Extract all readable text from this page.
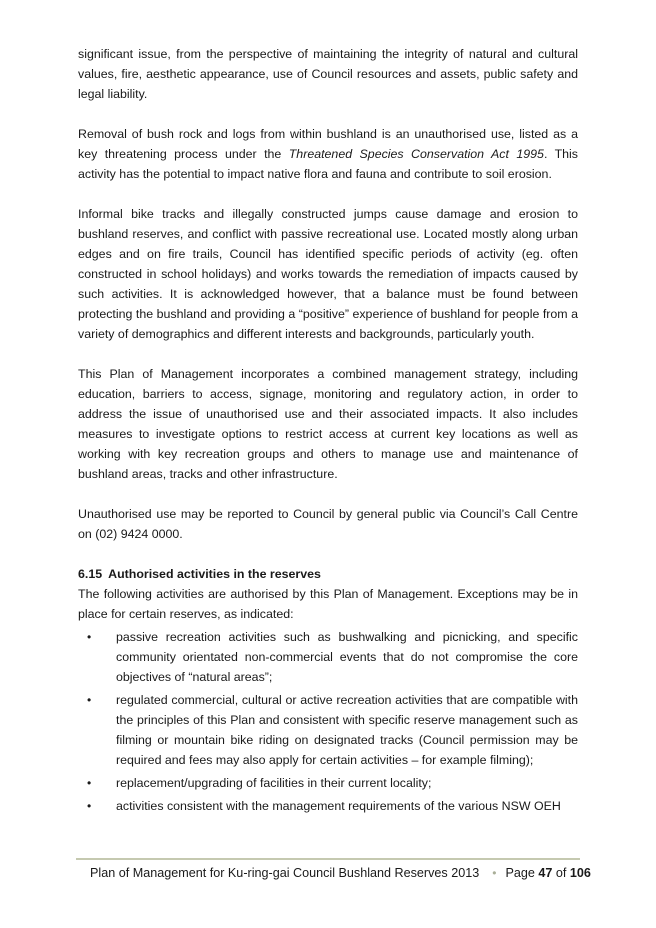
significant issue, from the perspective of maintaining the integrity of natural and cultural values, fire, aesthetic appearance, use of Council resources and assets, public safety and legal liability.

Removal of bush rock and logs from within bushland is an unauthorised use, listed as a key threatening process under the Threatened Species Conservation Act 1995. This activity has the potential to impact native flora and fauna and contribute to soil erosion.

Informal bike tracks and illegally constructed jumps cause damage and erosion to bushland reserves, and conflict with passive recreational use. Located mostly along urban edges and on fire trails, Council has identified specific periods of activity (eg. often constructed in school holidays) and works towards the remediation of impacts caused by such activities. It is acknowledged however, that a balance must be found between protecting the bushland and providing a “positive” experience of bushland for people from a variety of demographics and different interests and backgrounds, particularly youth.

This Plan of Management incorporates a combined management strategy, including education, barriers to access, signage, monitoring and regulatory action, in order to address the issue of unauthorised use and their associated impacts. It also includes measures to investigate options to restrict access at current key locations as well as working with key recreation groups and others to manage use and maintenance of bushland areas, tracks and other infrastructure.

Unauthorised use may be reported to Council by general public via Council’s Call Centre on (02) 9424 0000.

6.15 Authorised activities in the reserves

The following activities are authorised by this Plan of Management. Exceptions may be in place for certain reserves, as indicated:

• passive recreation activities such as bushwalking and picnicking, and specific community orientated non-commercial events that do not compromise the core objectives of “natural areas”;
• regulated commercial, cultural or active recreation activities that are compatible with the principles of this Plan and consistent with specific reserve management such as filming or mountain bike riding on designated tracks (Council permission may be required and fees may also apply for certain activities – for example filming);
• replacement/upgrading of facilities in their current locality;
• activities consistent with the management requirements of the various NSW OEH
Plan of Management for Ku-ring-gai Council Bushland Reserves 2013 • Page 47 of 106
